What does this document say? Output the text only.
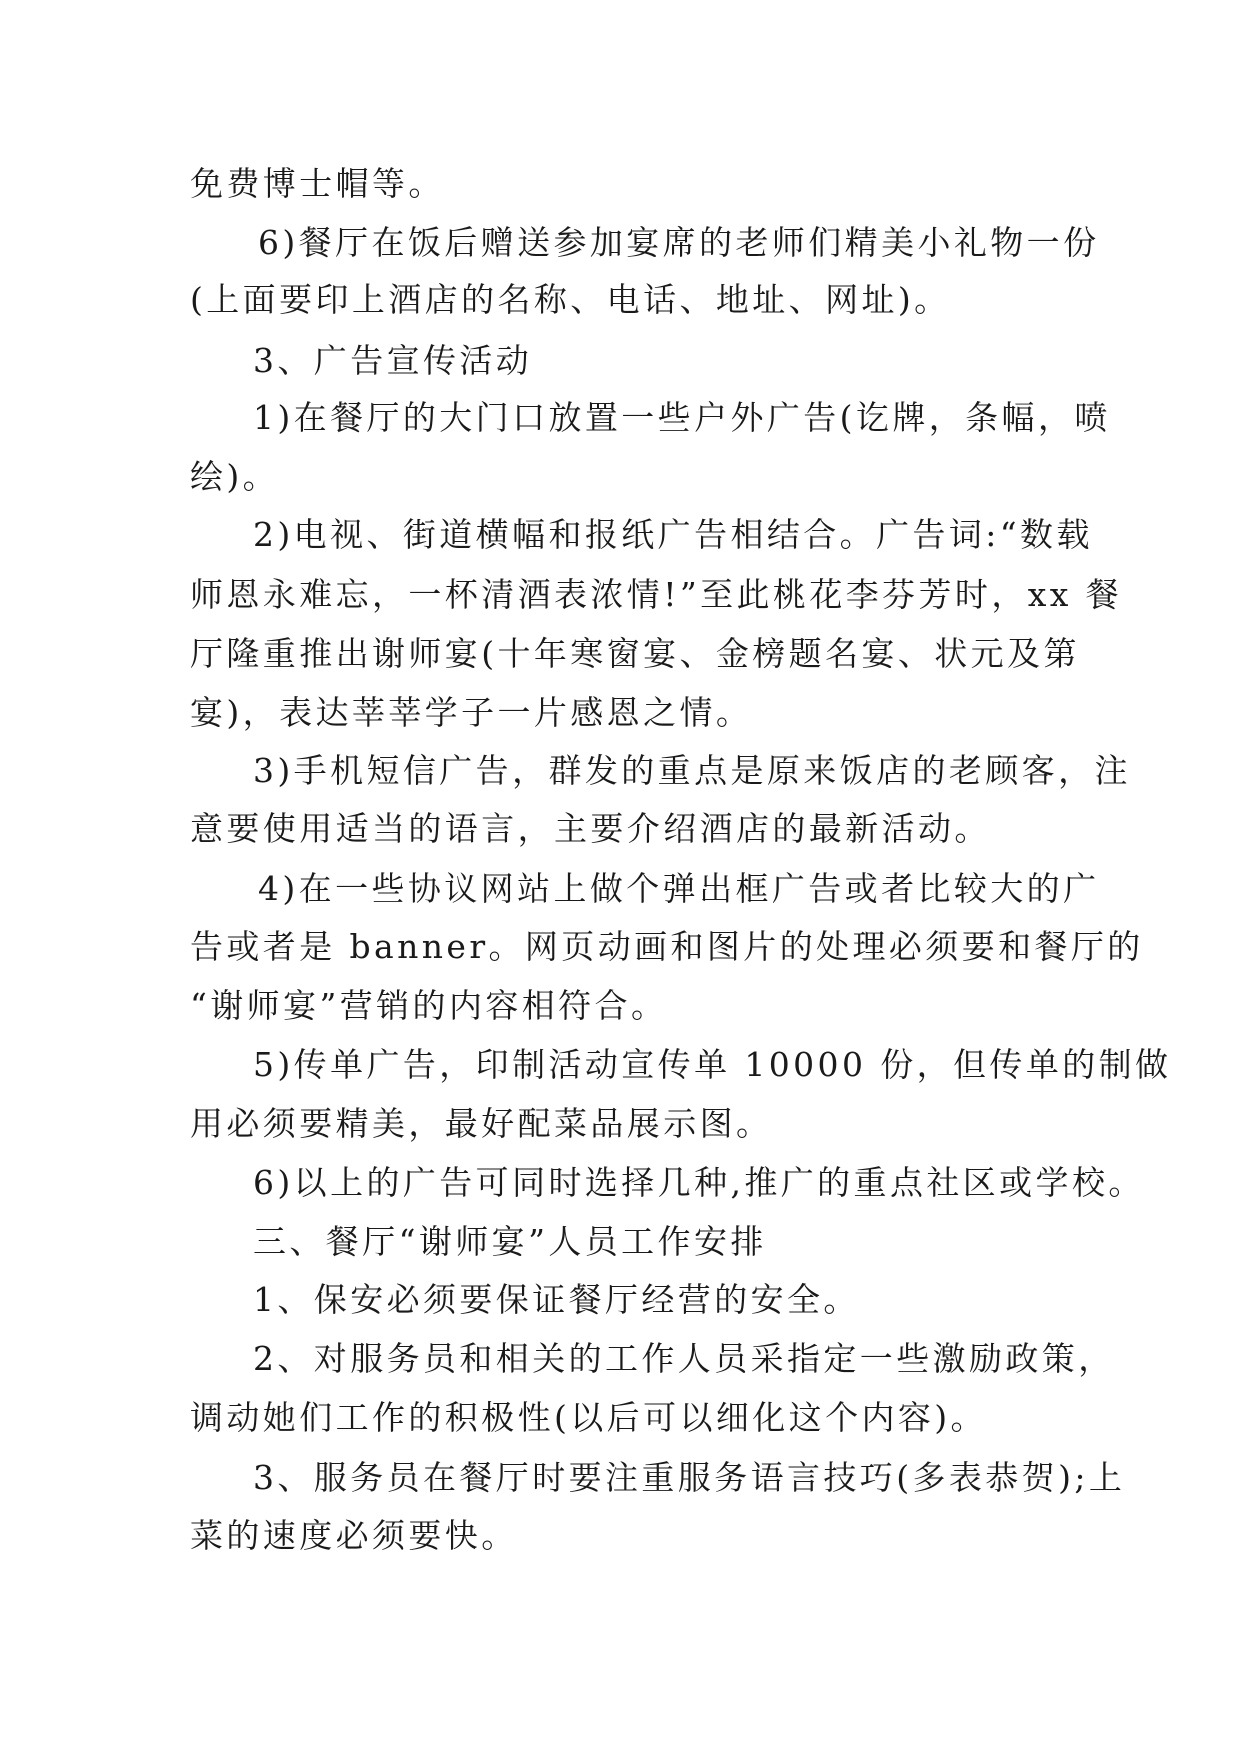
免费博士帽等。
6)餐厅在饭后赠送参加宴席的老师们精美小礼物一份
(上面要印上酒店的名称、电话、地址、网址)。
3、广告宣传活动
1)在餐厅的大门口放置一些户外广告(讫牌，条幅，喷
绘)。
2)电视、街道横幅和报纸广告相结合。广告词:“数载
师恩永难忘，一杯清酒表浓情!”至此桃花李芬芳时，xx 餐
厅隆重推出谢师宴(十年寒窗宴、金榜题名宴、状元及第
宴)，表达莘莘学子一片感恩之情。
3)手机短信广告，群发的重点是原来饭店的老顾客，注
意要使用适当的语言，主要介绍酒店的最新活动。
4)在一些协议网站上做个弹出框广告或者比较大的广
告或者是 banner。网页动画和图片的处理必须要和餐厅的
“谢师宴”营销的内容相符合。
5)传单广告，印制活动宣传单 10000 份，但传单的制做
用必须要精美，最好配菜品展示图。
6)以上的广告可同时选择几种,推广的重点社区或学校。
三、餐厅“谢师宴”人员工作安排
1、保安必须要保证餐厅经营的安全。
2、对服务员和相关的工作人员采指定一些激励政策，
调动她们工作的积极性(以后可以细化这个内容)。
3、服务员在餐厅时要注重服务语言技巧(多表恭贺);上
菜的速度必须要快。
